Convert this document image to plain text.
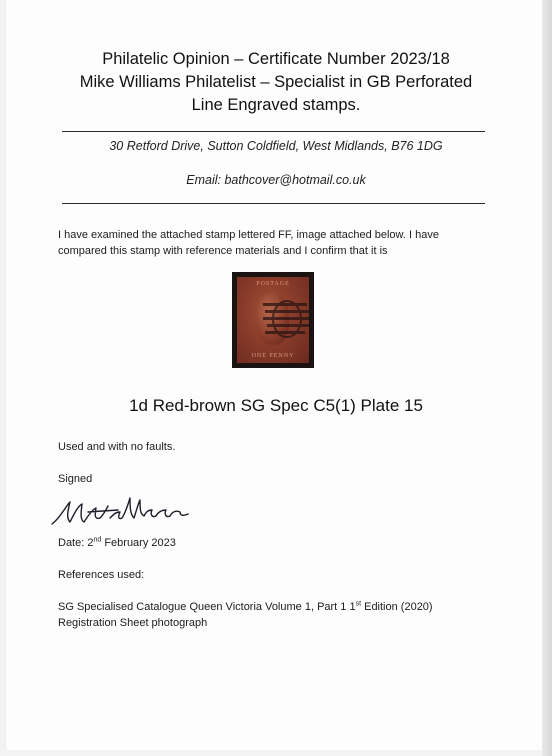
Philatelic Opinion – Certificate Number 2023/18
Mike Williams Philatelist – Specialist in GB Perforated
Line Engraved stamps.
30 Retford Drive, Sutton Coldfield, West Midlands, B76 1DG
Email: bathcover@hotmail.co.uk
I have examined the attached stamp lettered FF, image attached below. I have
compared this stamp with reference materials and I confirm that it is
POSTAGE
ONE PENNY
1d Red-brown SG Spec C5(1) Plate 15
Used and with no faults.
Signed
Date: 2nd February 2023
References used:
SG Specialised Catalogue Queen Victoria Volume 1, Part 1 1st Edition (2020)
Registration Sheet photograph
